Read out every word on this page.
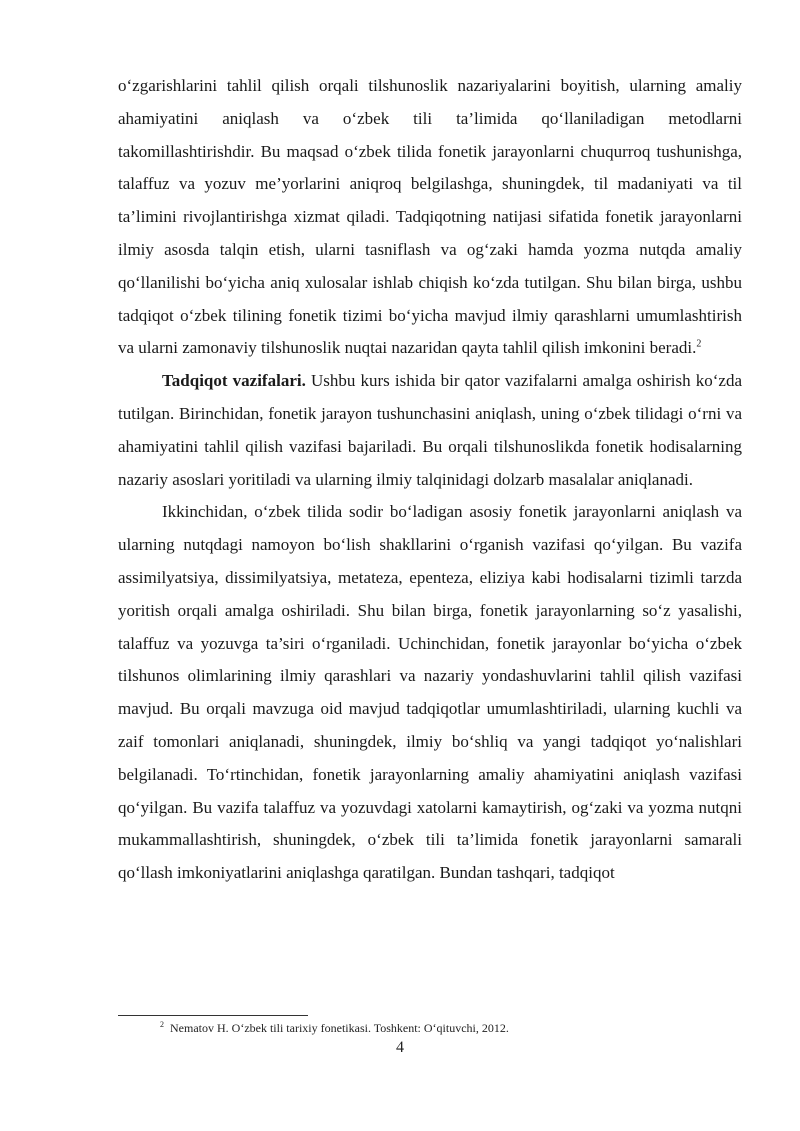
o‘zgarishlarini tahlil qilish orqali tilshunoslik nazariyalarini boyitish, ularning amaliy ahamiyatini aniqlash va o‘zbek tili ta’limida qo‘llaniladigan metodlarni takomillashtirishdir. Bu maqsad o‘zbek tilida fonetik jarayonlarni chuqurroq tushunishga, talaffuz va yozuv me’yorlarini aniqroq belgilashga, shuningdek, til madaniyati va til ta’limini rivojlantirishga xizmat qiladi. Tadqiqotning natijasi sifatida fonetik jarayonlarni ilmiy asosda talqin etish, ularni tasniflash va og‘zaki hamda yozma nutqda amaliy qo‘llanilishi bo‘yicha aniq xulosalar ishlab chiqish ko‘zda tutilgan. Shu bilan birga, ushbu tadqiqot o‘zbek tilining fonetik tizimi bo‘yicha mavjud ilmiy qarashlarni umumlashtirish va ularni zamonaviy tilshunoslik nuqtai nazaridan qayta tahlil qilish imkonini beradi.$^2$

Tadqiqot vazifalari. Ushbu kurs ishida bir qator vazifalarni amalga oshirish ko‘zda tutilgan. Birinchidan, fonetik jarayon tushunchasini aniqlash, uning o‘zbek tilidagi o‘rni va ahamiyatini tahlil qilish vazifasi bajariladi. Bu orqali tilshunoslikda fonetik hodisalarning nazariy asoslari yoritiladi va ularning ilmiy talqinidagi dolzarb masalalar aniqlanadi.

Ikkinchidan, o‘zbek tilida sodir bo‘ladigan asosiy fonetik jarayonlarni aniqlash va ularning nutqdagi namoyon bo‘lish shakllarini o‘rganish vazifasi qo‘yilgan. Bu vazifa assimilyatsiya, dissimilyatsiya, metateza, epenteza, eliziya kabi hodisalarni tizimli tarzda yoritish orqali amalga oshiriladi. Shu bilan birga, fonetik jarayonlarning so‘z yasalishi, talaffuz va yozuvga ta’siri o‘rganiladi. Uchinchidan, fonetik jarayonlar bo‘yicha o‘zbek tilshunos olimlarining ilmiy qarashlari va nazariy yondashuvlarini tahlil qilish vazifasi mavjud. Bu orqali mavzuga oid mavjud tadqiqotlar umumlashtiriladi, ularning kuchli va zaif tomonlari aniqlanadi, shuningdek, ilmiy bo‘shliq va yangi tadqiqot yo‘nalishlari belgilanadi. To‘rtinchidan, fonetik jarayonlarning amaliy ahamiyatini aniqlash vazifasi qo‘yilgan. Bu vazifa talaffuz va yozuvdagi xatolarni kamaytirish, og‘zaki va yozma nutqni mukammallashtirish, shuningdek, o‘zbek tili ta’limida fonetik jarayonlarni samarali qo‘llash imkoniyatlarini aniqlashga qaratilgan. Bundan tashqari, tadqiqot

$^2$ Nematov H. O‘zbek tili tarixiy fonetikasi. Toshkent: O‘qituvchi, 2012.
4
